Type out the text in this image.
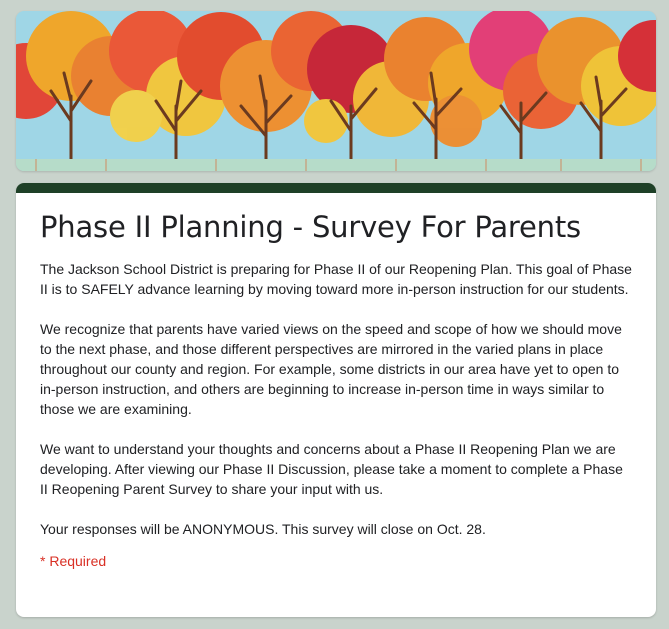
Phase II Planning - Survey For Parents

The Jackson School District is preparing for Phase II of our Reopening Plan. This goal of Phase II is to SAFELY advance learning by moving toward more in-person instruction for our students.

We recognize that parents have varied views on the speed and scope of how we should move to the next phase, and those different perspectives are mirrored in the varied plans in place throughout our county and region. For example, some districts in our area have yet to open to in-person instruction, and others are beginning to increase in-person time in ways similar to those we are examining.

We want to understand your thoughts and concerns about a Phase II Reopening Plan we are developing. After viewing our Phase II Discussion, please take a moment to complete a Phase II Reopening Parent Survey to share your input with us.

Your responses will be ANONYMOUS. This survey will close on Oct. 28.

* Required
